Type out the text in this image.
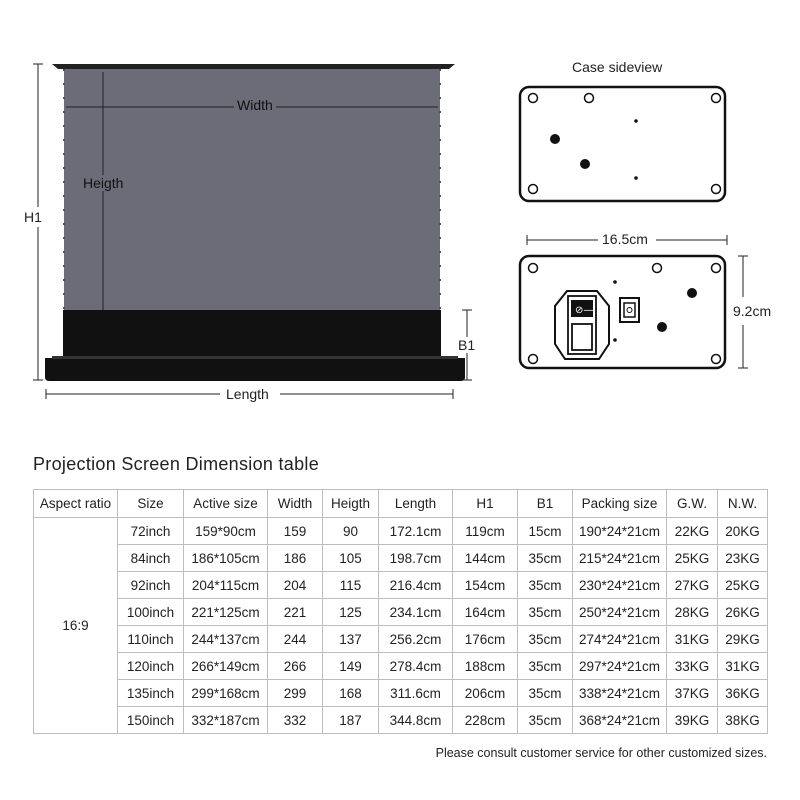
⊘—
Width
Heigth
H1
B1
Length
Case sideview
16.5cm
9.2cm
Projection Screen Dimension table
Aspect ratio	Size	Active size	Width	Heigth	Length	H1	B1	Packing size	G.W.	N.W.
16:9	72inch	159*90cm	159	90	172.1cm	119cm	15cm	190*24*21cm	22KG	20KG
	84inch	186*105cm	186	105	198.7cm	144cm	35cm	215*24*21cm	25KG	23KG
	92inch	204*115cm	204	115	216.4cm	154cm	35cm	230*24*21cm	27KG	25KG
	100inch	221*125cm	221	125	234.1cm	164cm	35cm	250*24*21cm	28KG	26KG
	110inch	244*137cm	244	137	256.2cm	176cm	35cm	274*24*21cm	31KG	29KG
	120inch	266*149cm	266	149	278.4cm	188cm	35cm	297*24*21cm	33KG	31KG
	135inch	299*168cm	299	168	311.6cm	206cm	35cm	338*24*21cm	37KG	36KG
	150inch	332*187cm	332	187	344.8cm	228cm	35cm	368*24*21cm	39KG	38KG
Please consult customer service for other customized sizes.
